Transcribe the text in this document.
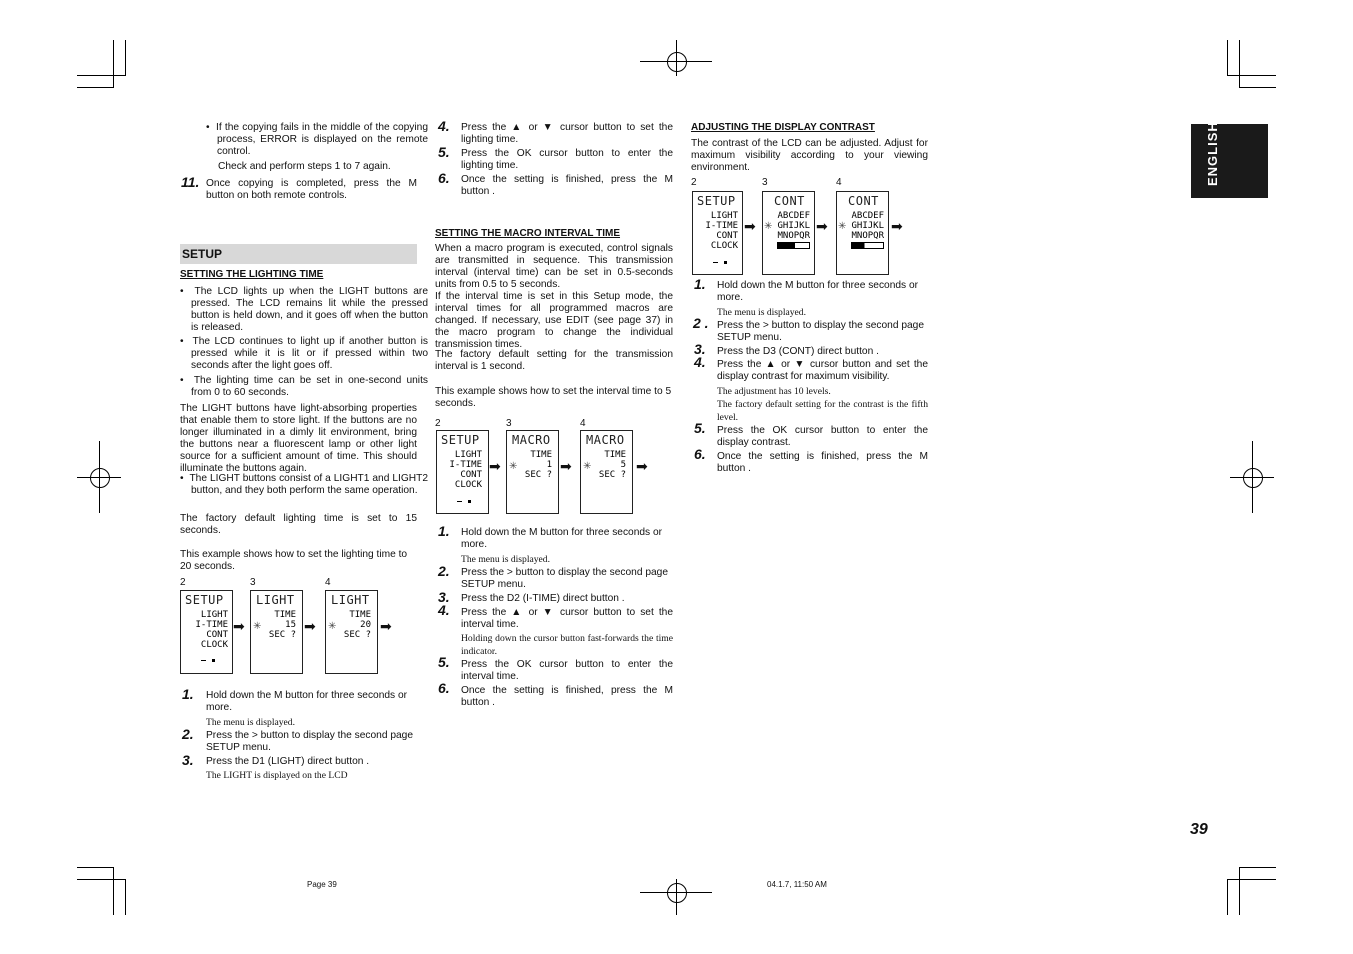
ENGLISH
•  If the copying fails in the middle of the copying process, ERROR is displayed on the remote control.
Check and perform steps 1 to 7 again.
11. Once copying is completed, press the M button on both remote controls.
SETUP
SETTING THE LIGHTING TIME
•  The LCD lights up when the LIGHT buttons are pressed. The LCD remains lit while the pressed button is held down, and it goes off when the button is released.
•  The LCD continues to light up if another button is pressed while it is lit or if pressed within two seconds after the light goes off.
•  The lighting time can be set in one-second units from 0 to 60 seconds.
The LIGHT buttons have light-absorbing properties that enable them to store light. If the buttons are no longer illuminated in a dimly lit environment, bring the buttons near a fluorescent lamp or other light source for a sufficient amount of time. This should illuminate the buttons again.
•  The LIGHT buttons consist of a LIGHT1 and LIGHT2 button, and they both perform the same operation.
The factory default lighting time is set to 15 seconds.
This example shows how to set the lighting time to 20 seconds.
2	3	4
SETUP
LIGHT
I-TIME
CONT
CLOCK
➡
LIGHT
TIME
15
SEC ?
✳	➡
LIGHT
TIME
20
SEC ?
✳	➡
1. Hold down the M button for three seconds or more.
The menu is displayed.
2. Press the > button to display the second page SETUP menu.
3. Press the D1 (LIGHT) direct button .
The LIGHT is displayed on the LCD
4. Press the ▲ or ▼ cursor button to set the lighting time.
5. Press the OK cursor button to enter the lighting time.
6. Once the setting is finished, press the M button .
SETTING THE MACRO INTERVAL TIME
When a macro program is executed, control signals are transmitted in sequence. This transmission interval (interval time) can be set in 0.5-seconds units from 0.5 to 5 seconds.
If the interval time is set in this Setup mode, the interval times for all programmed macros are changed. If necessary, use EDIT (see page 37) in the macro program to change the individual transmission times.
The factory default setting for the transmission interval is 1 second.
This example shows how to set the interval time to 5 seconds.
2	3	4
SETUP
LIGHT
I-TIME
CONT
CLOCK
➡
MACRO
TIME
1
SEC ?
✳	➡
MACRO
TIME
5
SEC ?
✳	➡
1. Hold down the M button for three seconds or more.
The menu is displayed.
2. Press the > button to display the second page SETUP menu.
3. Press the D2 (I-TIME) direct button .
4. Press the ▲ or ▼ cursor button to set the interval time.
Holding down the cursor button fast-forwards the time indicator.
5. Press the OK cursor button to enter the interval time.
6. Once the setting is finished, press the M button .
ADJUSTING THE DISPLAY CONTRAST
The contrast of the LCD can be adjusted. Adjust for maximum visibility according to your viewing environment.
2	3	4
SETUP
LIGHT
I-TIME
CONT
CLOCK
➡
CONT
ABCDEF
GHIJKL
MNOPQR
✳	➡
CONT
ABCDEF
GHIJKL
MNOPQR
✳	➡
1. Hold down the M button for three seconds or more.
The menu is displayed.
2 . Press the > button to display the second page SETUP menu.
3. Press the D3 (CONT) direct button .
4. Press the ▲ or ▼ cursor button and set the display contrast for maximum visibility.
The adjustment has 10 levels.
The factory default setting for the contrast is the fifth level.
5. Press the OK cursor button to enter the display contrast.
6. Once the setting is finished, press the M button .
39
Page 39	04.1.7, 11:50 AM
